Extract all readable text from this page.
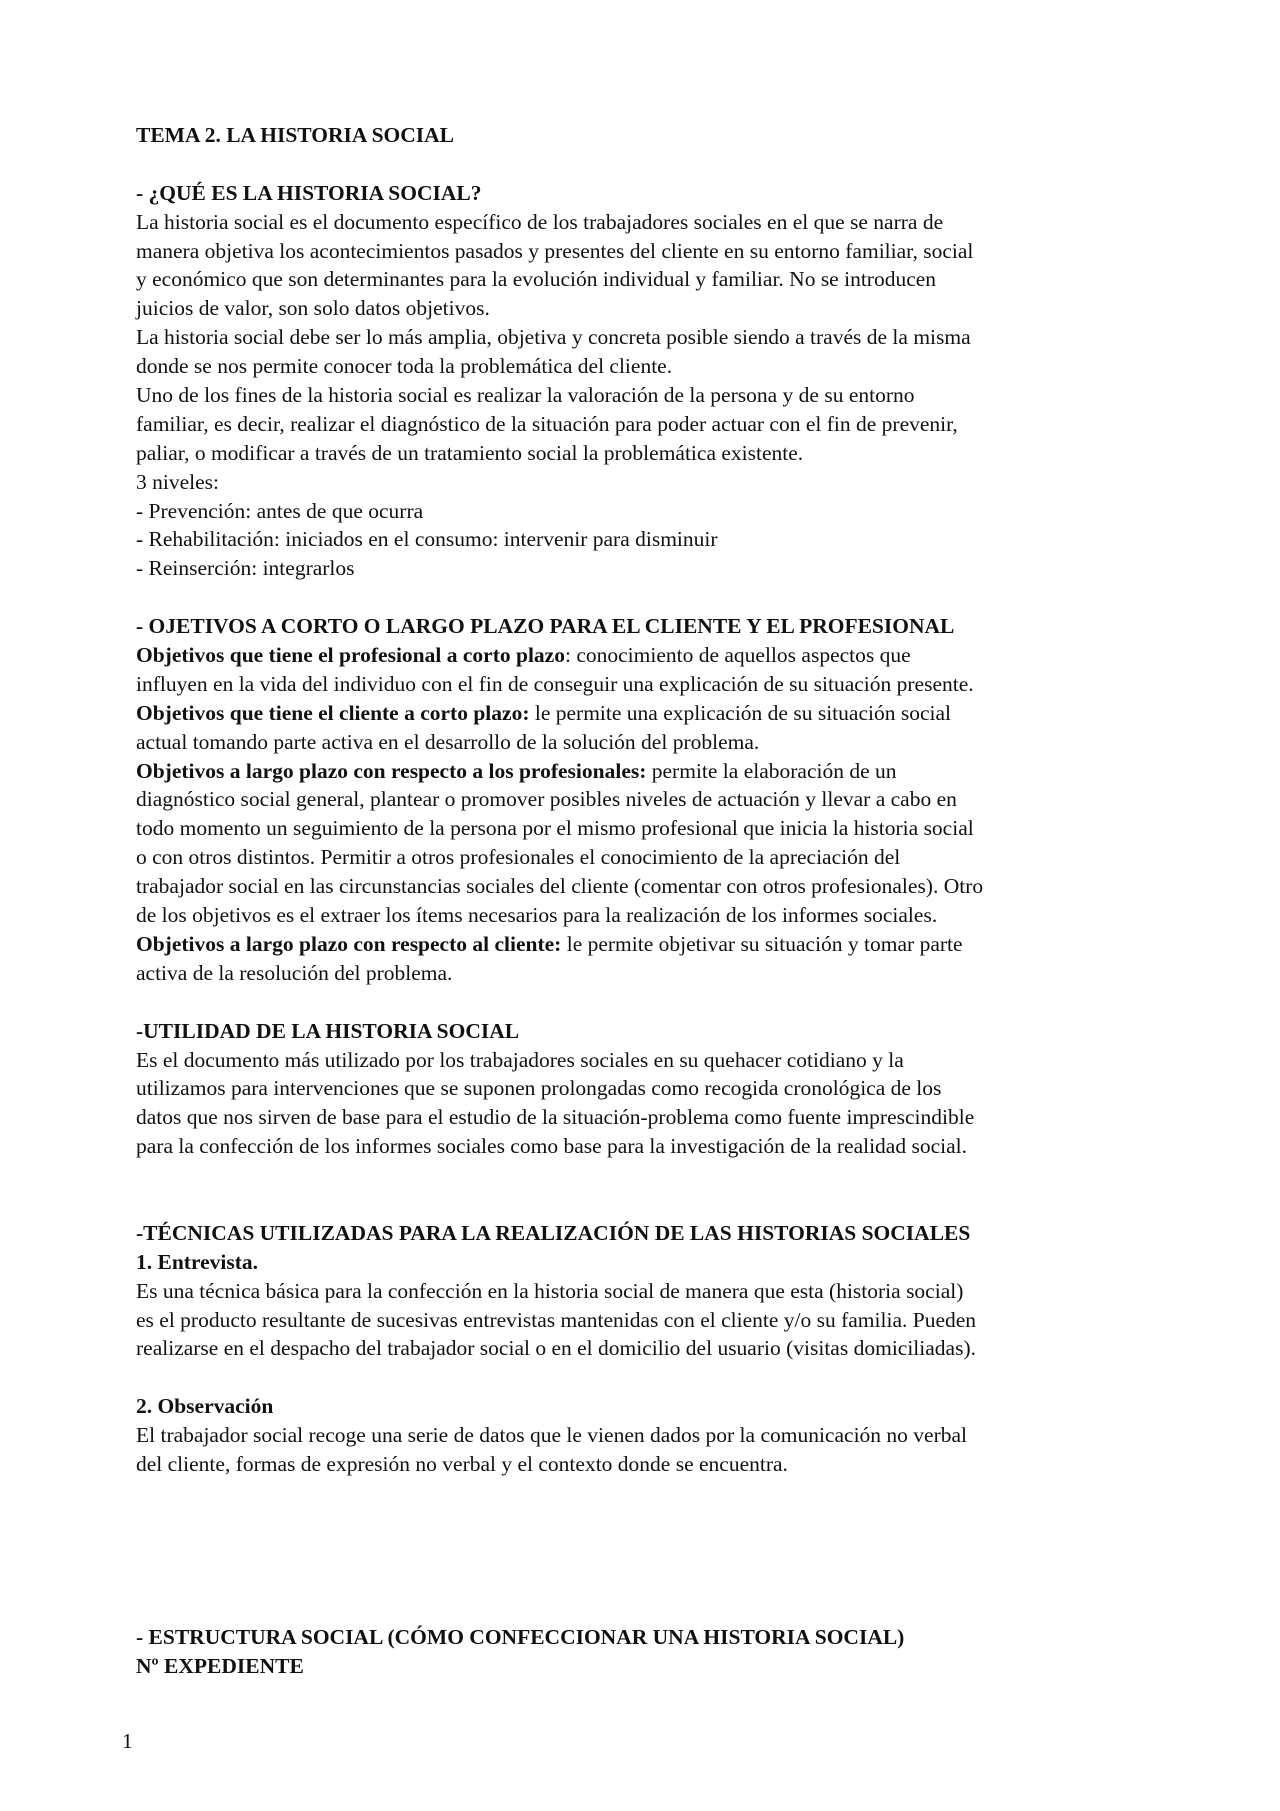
TEMA 2. LA HISTORIA SOCIAL
- ¿QUÉ ES LA HISTORIA SOCIAL?
La historia social es el documento específico de los trabajadores sociales en el que se narra de
manera objetiva los acontecimientos pasados y presentes del cliente en su entorno familiar, social
y económico que son determinantes para la evolución individual y familiar. No se introducen
juicios de valor, son solo datos objetivos.
La historia social debe ser lo más amplia, objetiva y concreta posible siendo a través de la misma
donde se nos permite conocer toda la problemática del cliente.
Uno de los fines de la historia social es realizar la valoración de la persona y de su entorno
familiar, es decir, realizar el diagnóstico de la situación para poder actuar con el fin de prevenir,
paliar, o modificar a través de un tratamiento social la problemática existente.
3 niveles:
- Prevención: antes de que ocurra
- Rehabilitación: iniciados en el consumo: intervenir para disminuir
- Reinserción: integrarlos
- OJETIVOS A CORTO O LARGO PLAZO PARA EL CLIENTE Y EL PROFESIONAL
Objetivos que tiene el profesional a corto plazo: conocimiento de aquellos aspectos que
influyen en la vida del individuo con el fin de conseguir una explicación de su situación presente.
Objetivos que tiene el cliente a corto plazo: le permite una explicación de su situación social
actual tomando parte activa en el desarrollo de la solución del problema.
Objetivos a largo plazo con respecto a los profesionales: permite la elaboración de un
diagnóstico social general, plantear o promover posibles niveles de actuación y llevar a cabo en
todo momento un seguimiento de la persona por el mismo profesional que inicia la historia social
o con otros distintos. Permitir a otros profesionales el conocimiento de la apreciación del
trabajador social en las circunstancias sociales del cliente (comentar con otros profesionales). Otro
de los objetivos es el extraer los ítems necesarios para la realización de los informes sociales.
Objetivos a largo plazo con respecto al cliente: le permite objetivar su situación y tomar parte
activa de la resolución del problema.
-UTILIDAD DE LA HISTORIA SOCIAL
Es el documento más utilizado por los trabajadores sociales en su quehacer cotidiano y la
utilizamos para intervenciones que se suponen prolongadas como recogida cronológica de los
datos que nos sirven de base para el estudio de la situación-problema como fuente imprescindible
para la confección de los informes sociales como base para la investigación de la realidad social.
-TÉCNICAS UTILIZADAS PARA LA REALIZACIÓN DE LAS HISTORIAS SOCIALES
1. Entrevista.
Es una técnica básica para la confección en la historia social de manera que esta (historia social)
es el producto resultante de sucesivas entrevistas mantenidas con el cliente y/o su familia. Pueden
realizarse en el despacho del trabajador social o en el domicilio del usuario (visitas domiciliadas).
2. Observación
El trabajador social recoge una serie de datos que le vienen dados por la comunicación no verbal
del cliente, formas de expresión no verbal y el contexto donde se encuentra.
- ESTRUCTURA SOCIAL (CÓMO CONFECCIONAR UNA HISTORIA SOCIAL)
Nº EXPEDIENTE
1
